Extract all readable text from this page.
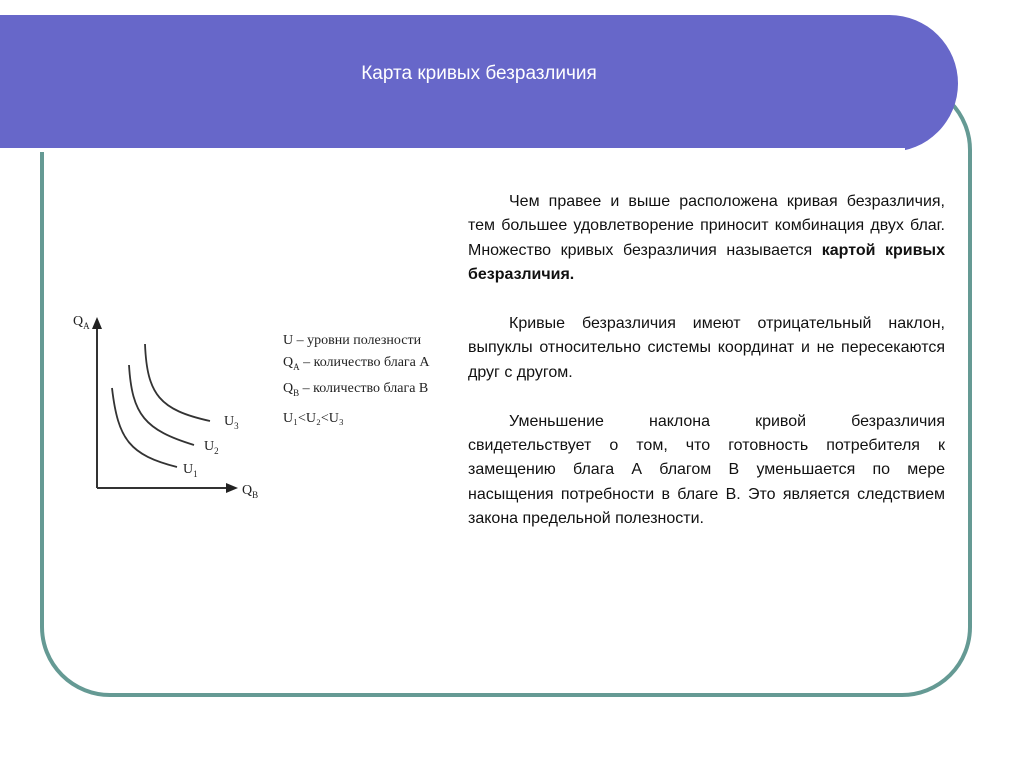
Карта кривых безразличия

Чем правее и выше расположена кривая безразличия, тем большее удовлетворение приносит комбинация двух благ. Множество кривых безразличия называется картой кривых безразличия.

Кривые безразличия имеют отрицательный наклон, выпуклы относительно системы координат и не пересекаются друг с другом.

Уменьшение наклона кривой безразличия свидетельствует о том, что готовность потребителя к замещению блага А благом В уменьшается по мере насыщения потребности в благе В. Это является следствием закона предельной полезности.

$Q_A$
$Q_B$
$U_1$
$U_2$
$U_3$
U – уровни полезности
$Q_A$ – количество блага А
$Q_B$ – количество блага В
U₁<U₂<U₃
